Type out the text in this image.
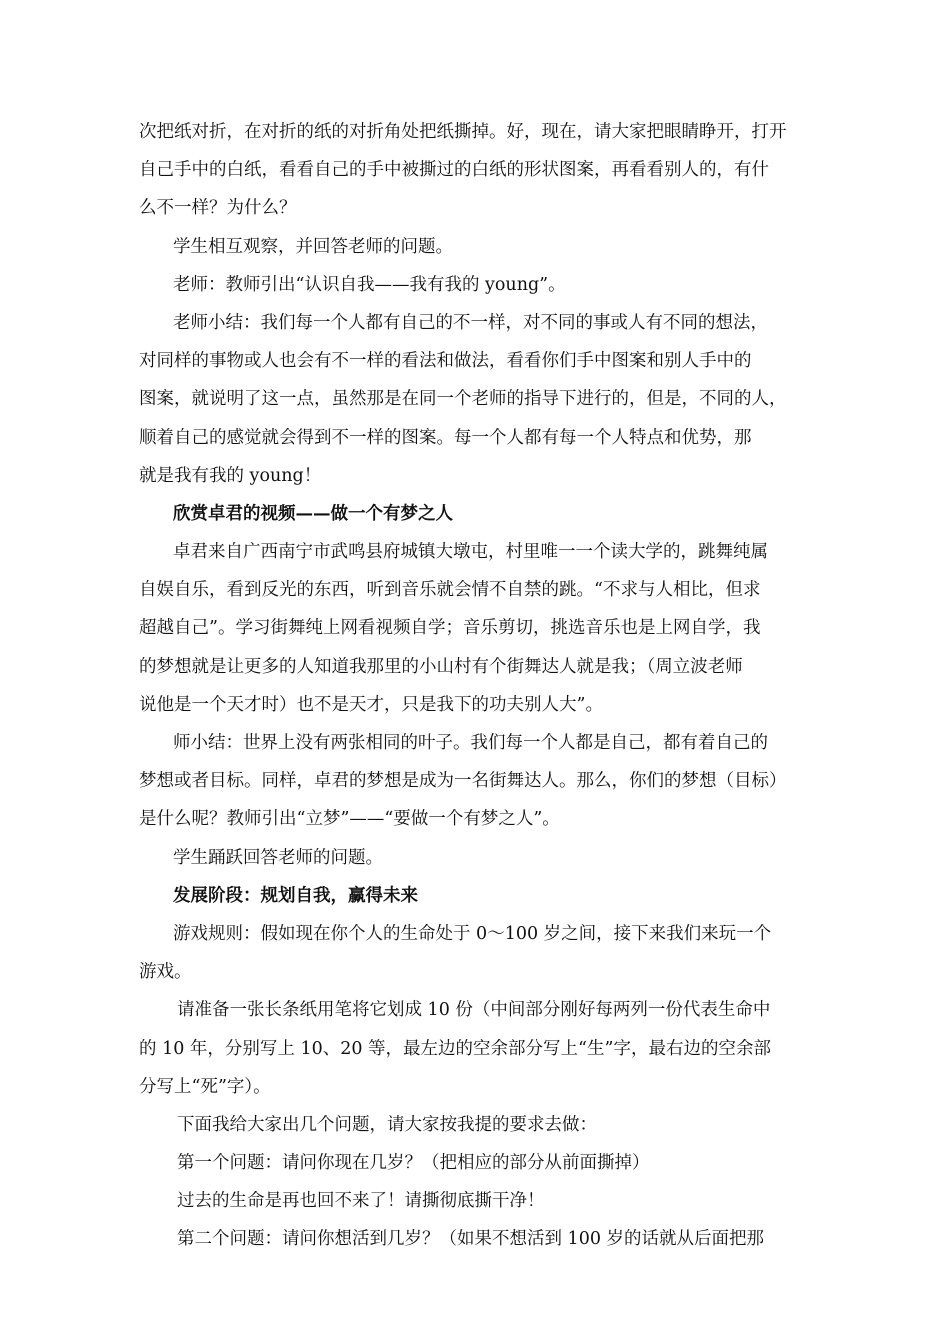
次把纸对折，在对折的纸的对折角处把纸撕掉。好，现在，请大家把眼睛睁开，打开
自己手中的白纸，看看自己的手中被撕过的白纸的形状图案，再看看别人的，有什
么不一样？为什么？
学生相互观察，并回答老师的问题。
老师：教师引出“认识自我——我有我的 young”。
老师小结：我们每一个人都有自己的不一样，对不同的事或人有不同的想法，
对同样的事物或人也会有不一样的看法和做法，看看你们手中图案和别人手中的
图案，就说明了这一点，虽然那是在同一个老师的指导下进行的，但是，不同的人，
顺着自己的感觉就会得到不一样的图案。每一个人都有每一个人特点和优势，那
就是我有我的 young！
欣赏卓君的视频——做一个有梦之人
卓君来自广西南宁市武鸣县府城镇大墩屯，村里唯一一个读大学的，跳舞纯属
自娱自乐，看到反光的东西，听到音乐就会情不自禁的跳。“不求与人相比，但求
超越自己”。学习街舞纯上网看视频自学；音乐剪切，挑选音乐也是上网自学，我
的梦想就是让更多的人知道我那里的小山村有个街舞达人就是我；（周立波老师
说他是一个天才时）也不是天才，只是我下的功夫别人大”。
师小结：世界上没有两张相同的叶子。我们每一个人都是自己，都有着自己的
梦想或者目标。同样，卓君的梦想是成为一名街舞达人。那么，你们的梦想（目标）
是什么呢？教师引出“立梦”——“要做一个有梦之人”。
学生踊跃回答老师的问题。
发展阶段：规划自我，赢得未来
游戏规则：假如现在你个人的生命处于 0～100 岁之间，接下来我们来玩一个
游戏。
请准备一张长条纸用笔将它划成 10 份（中间部分刚好每两列一份代表生命中
的 10 年，分别写上 10、20 等，最左边的空余部分写上“生”字，最右边的空余部
分写上“死”字）。
下面我给大家出几个问题，请大家按我提的要求去做：
第一个问题：请问你现在几岁？（把相应的部分从前面撕掉）
过去的生命是再也回不来了！请撕彻底撕干净！
第二个问题：请问你想活到几岁？（如果不想活到 100 岁的话就从后面把那
